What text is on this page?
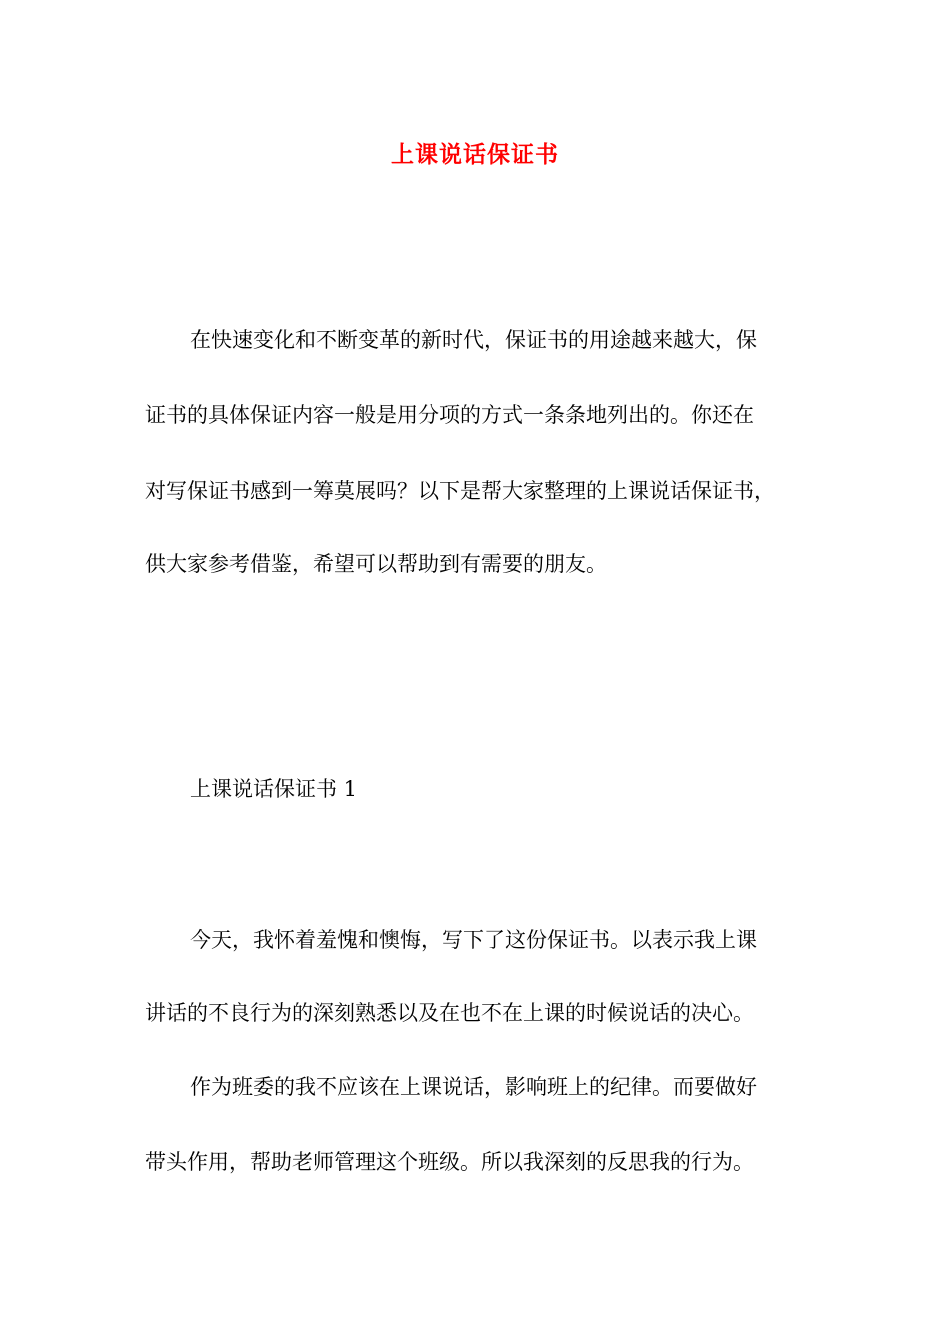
上课说话保证书
在快速变化和不断变革的新时代，保证书的用途越来越大，保
证书的具体保证内容一般是用分项的方式一条条地列出的。你还在
对写保证书感到一筹莫展吗？以下是帮大家整理的上课说话保证书，
供大家参考借鉴，希望可以帮助到有需要的朋友。
上课说话保证书 1
今天，我怀着羞愧和懊悔，写下了这份保证书。以表示我上课
讲话的不良行为的深刻熟悉以及在也不在上课的时候说话的决心。
作为班委的我不应该在上课说话，影响班上的纪律。而要做好
带头作用，帮助老师管理这个班级。所以我深刻的反思我的行为。
